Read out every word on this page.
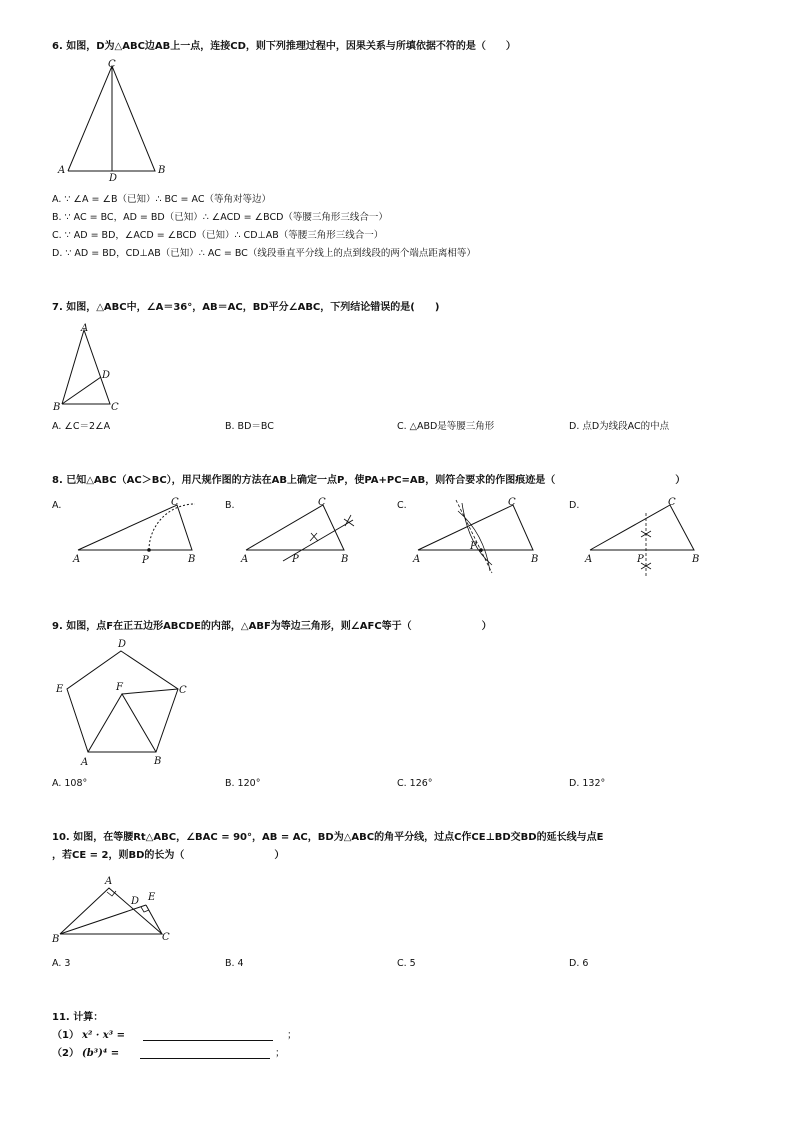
6. 如图，D为△ABC边AB上一点，连接CD，则下列推理过程中，因果关系与所填依据不符的是（　　）
C
A
D
B
A. ∵ ∠A = ∠B（已知）∴ BC = AC（等角对等边）
B. ∵ AC = BC，AD = BD（已知）∴ ∠ACD = ∠BCD（等腰三角形三线合一）
C. ∵ AD = BD，∠ACD = ∠BCD（已知）∴ CD⊥AB（等腰三角形三线合一）
D. ∵ AD = BD，CD⊥AB（已知）∴ AC = BC（线段垂直平分线上的点到线段的两个端点距离相等）
7. 如图，△ABC中，∠A＝36°，AB＝AC，BD平分∠ABC，下列结论错误的是(　　)
A
D
B	C
A. ∠C＝2∠A	B. BD＝BC	C. △ABD是等腰三角形	D. 点D为线段AC的中点
8. 已知△ABC（AC＞BC），用尺规作图的方法在AB上确定一点P，使PA+PC=AB，则符合要求的作图痕迹是（　　　　　　　　　　　　）
A.	B.	C.	D.
C
A	P	B
C
A	P	B
C
A
P
B
C
A	P	B
9. 如图，点F在正五边形ABCDE的内部，△ABF为等边三角形，则∠AFC等于（　　　　　　　）
D
E	F	C
A	B
A. 108°	B. 120°	C. 126°	D. 132°
10. 如图，在等腰Rt△ABC，∠BAC = 90°，AB = AC，BD为△ABC的角平分线，过点C作CE⊥BD交BD的延长线与点E
，若CE = 2，则BD的长为（　　　　　　　　　）
A
D E
B	C
A. 3	B. 4	C. 5	D. 6
11. 计算：
（1） x² · x³ =	；
（2） (b³)⁴ =	；
